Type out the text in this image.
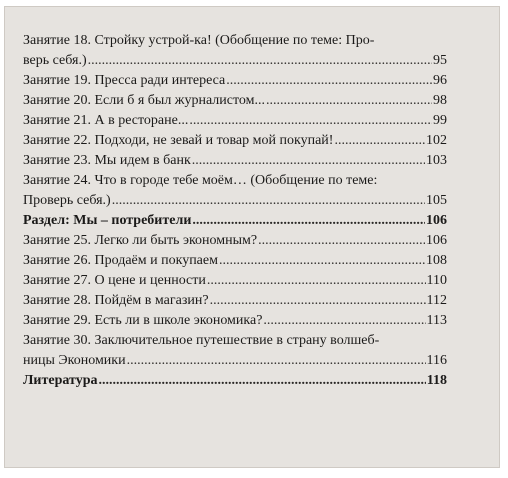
Занятие 18. Стройку устрой-ка! (Обобщение по теме: Про-
верь себя.) .....	95
Занятие 19. Пресса ради интереса .....	96
Занятие 20. Если б я был журналистом... .....	98
Занятие 21. А в ресторане... .....	99
Занятие 22. Подходи, не зевай и товар мой покупай! .....	102
Занятие 23. Мы идем в банк .....	103
Занятие 24. Что в городе тебе моём… (Обобщение по теме:
Проверь себя.) .....	105
Раздел: Мы – потребители .....	106
Занятие 25. Легко ли быть экономным? .....	106
Занятие 26. Продаём и покупаем .....	108
Занятие 27. О цене и ценности .....	110
Занятие 28. Пойдём в магазин? .....	112
Занятие 29. Есть ли в школе экономика? .....	113
Занятие 30. Заключительное путешествие в страну волшеб-
ницы Экономики .....	116
Литература .....	118
